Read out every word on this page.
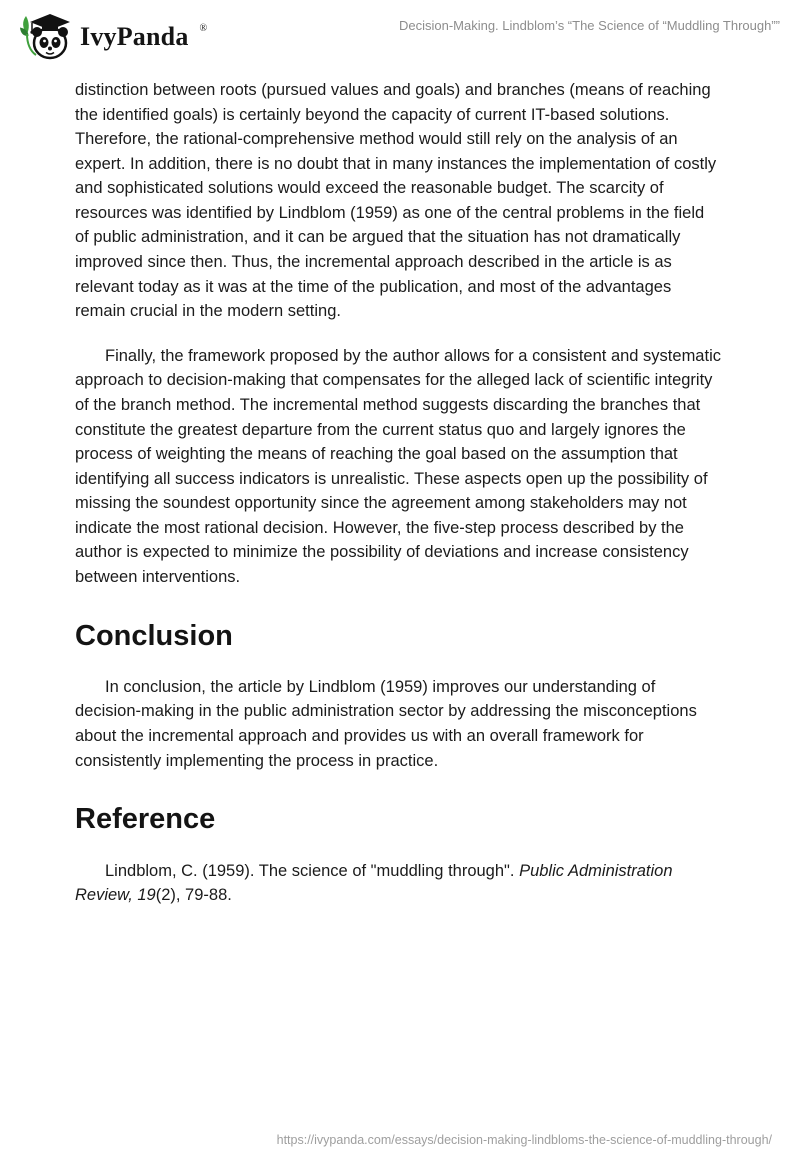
IvyPanda ®	Decision-Making. Lindblom’s “The Science of “Muddling Through””

distinction between roots (pursued values and goals) and branches (means of reaching the identified goals) is certainly beyond the capacity of current IT-based solutions. Therefore, the rational-comprehensive method would still rely on the analysis of an expert. In addition, there is no doubt that in many instances the implementation of costly and sophisticated solutions would exceed the reasonable budget. The scarcity of resources was identified by Lindblom (1959) as one of the central problems in the field of public administration, and it can be argued that the situation has not dramatically improved since then. Thus, the incremental approach described in the article is as relevant today as it was at the time of the publication, and most of the advantages remain crucial in the modern setting.

Finally, the framework proposed by the author allows for a consistent and systematic approach to decision-making that compensates for the alleged lack of scientific integrity of the branch method. The incremental method suggests discarding the branches that constitute the greatest departure from the current status quo and largely ignores the process of weighting the means of reaching the goal based on the assumption that identifying all success indicators is unrealistic. These aspects open up the possibility of missing the soundest opportunity since the agreement among stakeholders may not indicate the most rational decision. However, the five-step process described by the author is expected to minimize the possibility of deviations and increase consistency between interventions.

Conclusion

In conclusion, the article by Lindblom (1959) improves our understanding of decision-making in the public administration sector by addressing the misconceptions about the incremental approach and provides us with an overall framework for consistently implementing the process in practice.

Reference

Lindblom, C. (1959). The science of "muddling through". Public Administration Review, 19(2), 79-88.

https://ivypanda.com/essays/decision-making-lindbloms-the-science-of-muddling-through/
